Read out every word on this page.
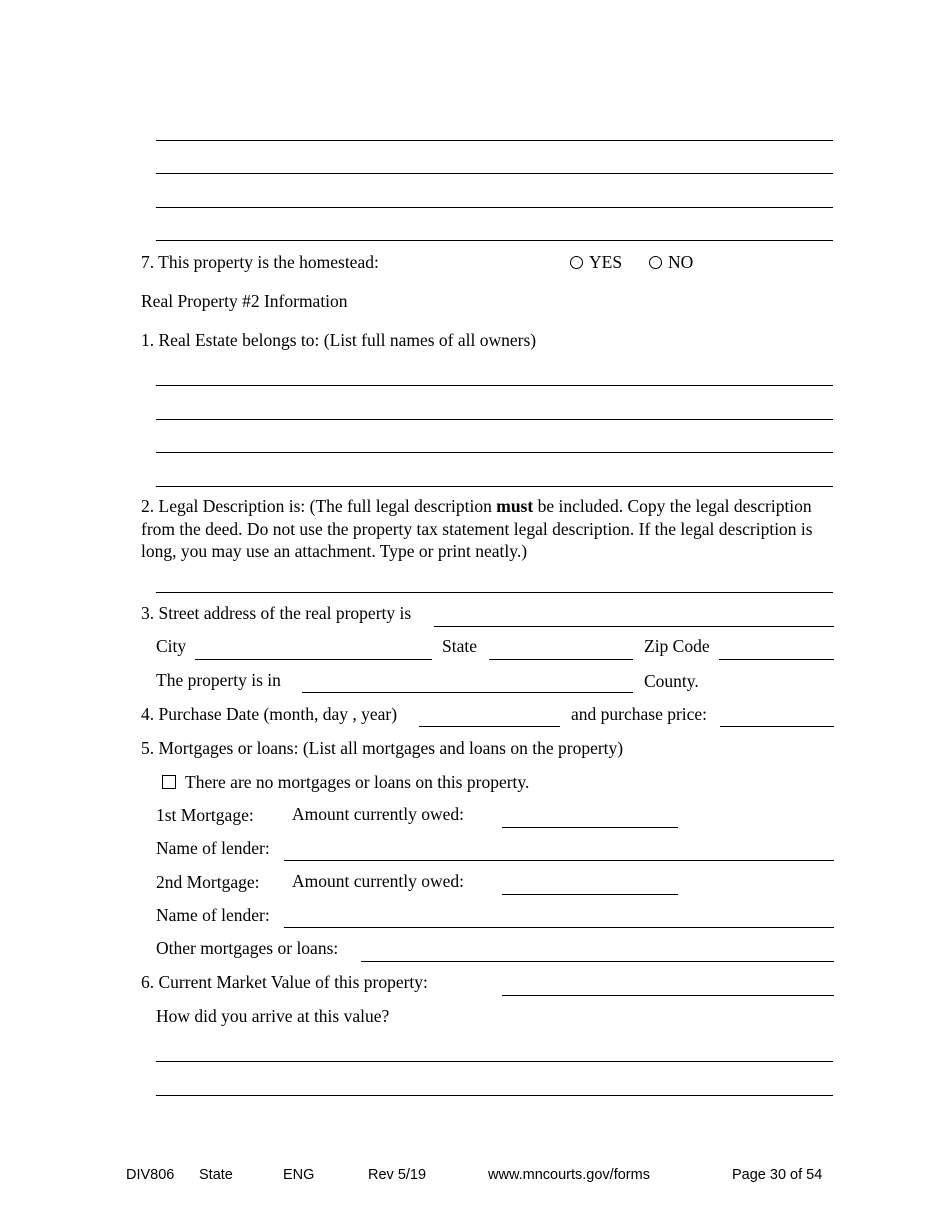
7. This property is the homestead:	YES	NO
Real Property #2 Information
1. Real Estate belongs to: (List full names of all owners)
2. Legal Description is: (The full legal description must be included. Copy the legal description
from the deed. Do not use the property tax statement legal description. If the legal description is
long, you may use an attachment. Type or print neatly.)
3. Street address of the real property is
City	State	Zip Code
The property is in	County.
4. Purchase Date (month, day , year)	and purchase price:
5. Mortgages or loans: (List all mortgages and loans on the property)
There are no mortgages or loans on this property.
1st Mortgage: Amount currently owed:
Name of lender:
2nd Mortgage: Amount currently owed:
Name of lender:
Other mortgages or loans:
6. Current Market Value of this property:
How did you arrive at this value?
DIV806 State	ENG	Rev 5/19	www.mncourts.gov/forms	Page 30 of 54
